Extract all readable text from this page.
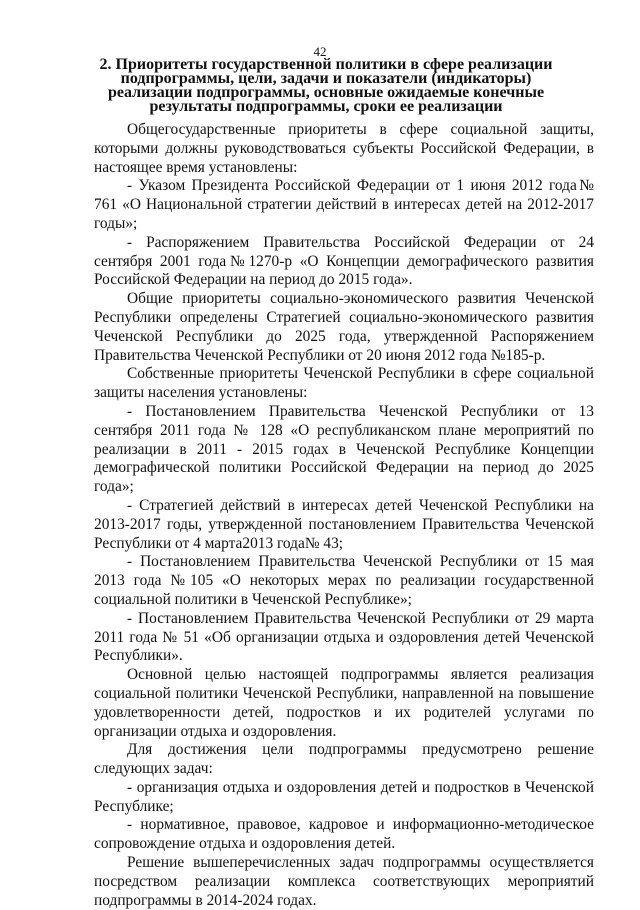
42
2. Приоритеты государственной политики в сфере реализации подпрограммы, цели, задачи и показатели (индикаторы) реализации подпрограммы, основные ожидаемые конечные результаты подпрограммы, сроки ее реализации

Общегосударственные приоритеты в сфере социальной защиты, которыми должны руководствоваться субъекты Российской Федерации, в настоящее время установлены:

- Указом Президента Российской Федерации от 1 июня 2012 года№ 761 «О Национальной стратегии действий в интересах детей на 2012-2017 годы»;

- Распоряжением Правительства Российской Федерации от 24 сентября 2001 года№1270-р «О Концепции демографического развития Российской Федерации на период до 2015 года».

Общие приоритеты социально-экономического развития Чеченской Республики определены Стратегией социально-экономического развития Чеченской Республики до 2025 года, утвержденной Распоряжением Правительства Чеченской Республики от 20 июня 2012 года №185-р.

Собственные приоритеты Чеченской Республики в сфере социальной защиты населения установлены:

- Постановлением Правительства Чеченской Республики от 13 сентября 2011 года № 128 «О республиканском плане мероприятий по реализации в 2011 - 2015 годах в Чеченской Республике Концепции демографической политики Российской Федерации на период до 2025 года»;

- Стратегией действий в интересах детей Чеченской Республики на 2013-2017 годы, утвержденной постановлением Правительства Чеченской Республики от 4 марта2013 года№ 43;

- Постановлением Правительства Чеченской Республики от 15 мая 2013 года №105 «О некоторых мерах по реализации государственной социальной политики в Чеченской Республике»;

- Постановлением Правительства Чеченской Республики от 29 марта 2011 года № 51 «Об организации отдыха и оздоровления детей Чеченской Республики».

Основной целью настоящей подпрограммы является реализация социальной политики Чеченской Республики, направленной на повышение удовлетворенности детей, подростков и их родителей услугами по организации отдыха и оздоровления.

Для достижения цели подпрограммы предусмотрено решение следующих задач:

- организация отдыха и оздоровления детей и подростков в Чеченской Республике;

- нормативное, правовое, кадровое и информационно-методическое сопровождение отдыха и оздоровления детей.

Решение вышеперечисленных задач подпрограммы осуществляется посредством реализации комплекса соответствующих мероприятий подпрограммы в 2014-2024 годах.
